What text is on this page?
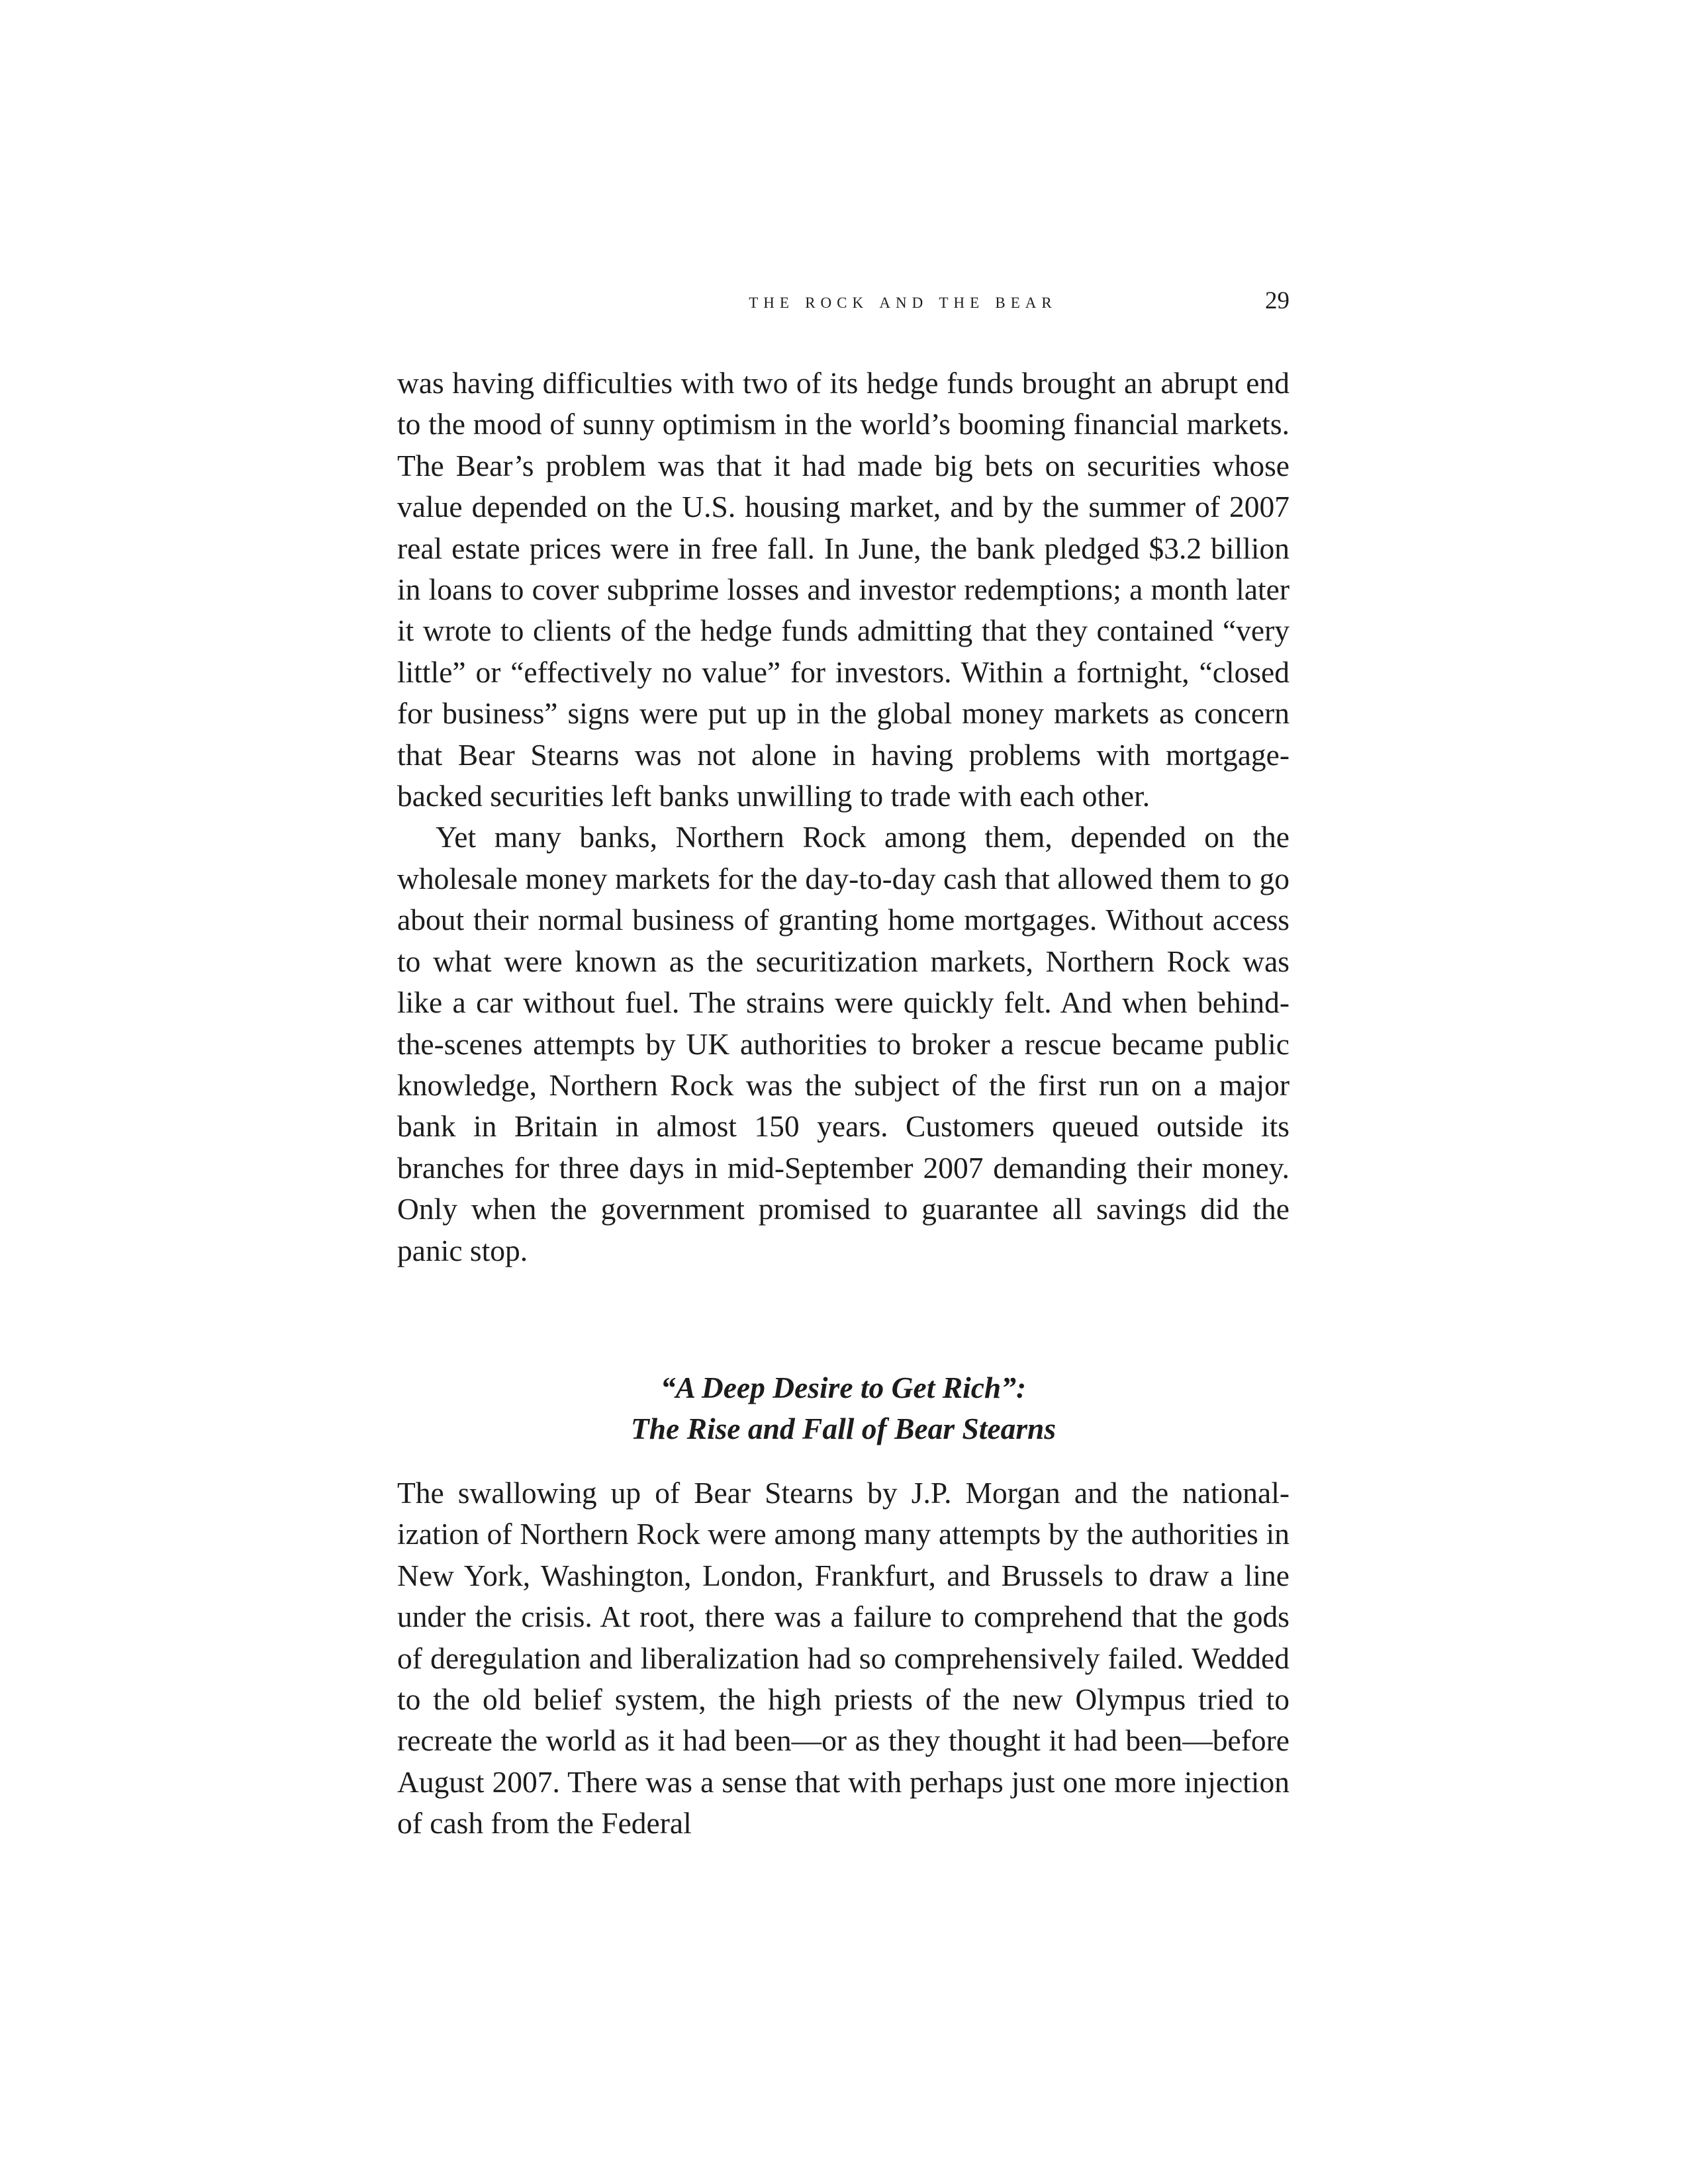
the rock and the bear	29

was having difficulties with two of its hedge funds brought an abrupt end to the mood of sunny optimism in the world’s booming financial markets. The Bear’s problem was that it had made big bets on securities whose value depended on the U.S. housing market, and by the summer of 2007 real estate prices were in free fall. In June, the bank pledged $3.2 billion in loans to cover subprime losses and investor redemptions; a month later it wrote to clients of the hedge funds admitting that they contained “very little” or “effectively no value” for investors. Within a fortnight, “closed for business” signs were put up in the global money markets as concern that Bear Stearns was not alone in having problems with mortgage-backed securities left banks unwilling to trade with each other.

Yet many banks, Northern Rock among them, depended on the wholesale money markets for the day-to-day cash that allowed them to go about their normal business of granting home mortgages. Without access to what were known as the securitization markets, Northern Rock was like a car without fuel. The strains were quickly felt. And when behind-the-scenes attempts by UK authorities to broker a rescue became public knowledge, Northern Rock was the subject of the first run on a major bank in Britain in almost 150 years. Customers queued outside its branches for three days in mid-September 2007 demanding their money. Only when the government promised to guarantee all savings did the panic stop.

“A Deep Desire to Get Rich”:
The Rise and Fall of Bear Stearns

The swallowing up of Bear Stearns by J.P. Morgan and the nationalization of Northern Rock were among many attempts by the authorities in New York, Washington, London, Frankfurt, and Brussels to draw a line under the crisis. At root, there was a failure to comprehend that the gods of deregulation and liberalization had so comprehensively failed. Wedded to the old belief system, the high priests of the new Olympus tried to recreate the world as it had been—or as they thought it had been—before August 2007. There was a sense that with perhaps just one more injection of cash from the Federal
